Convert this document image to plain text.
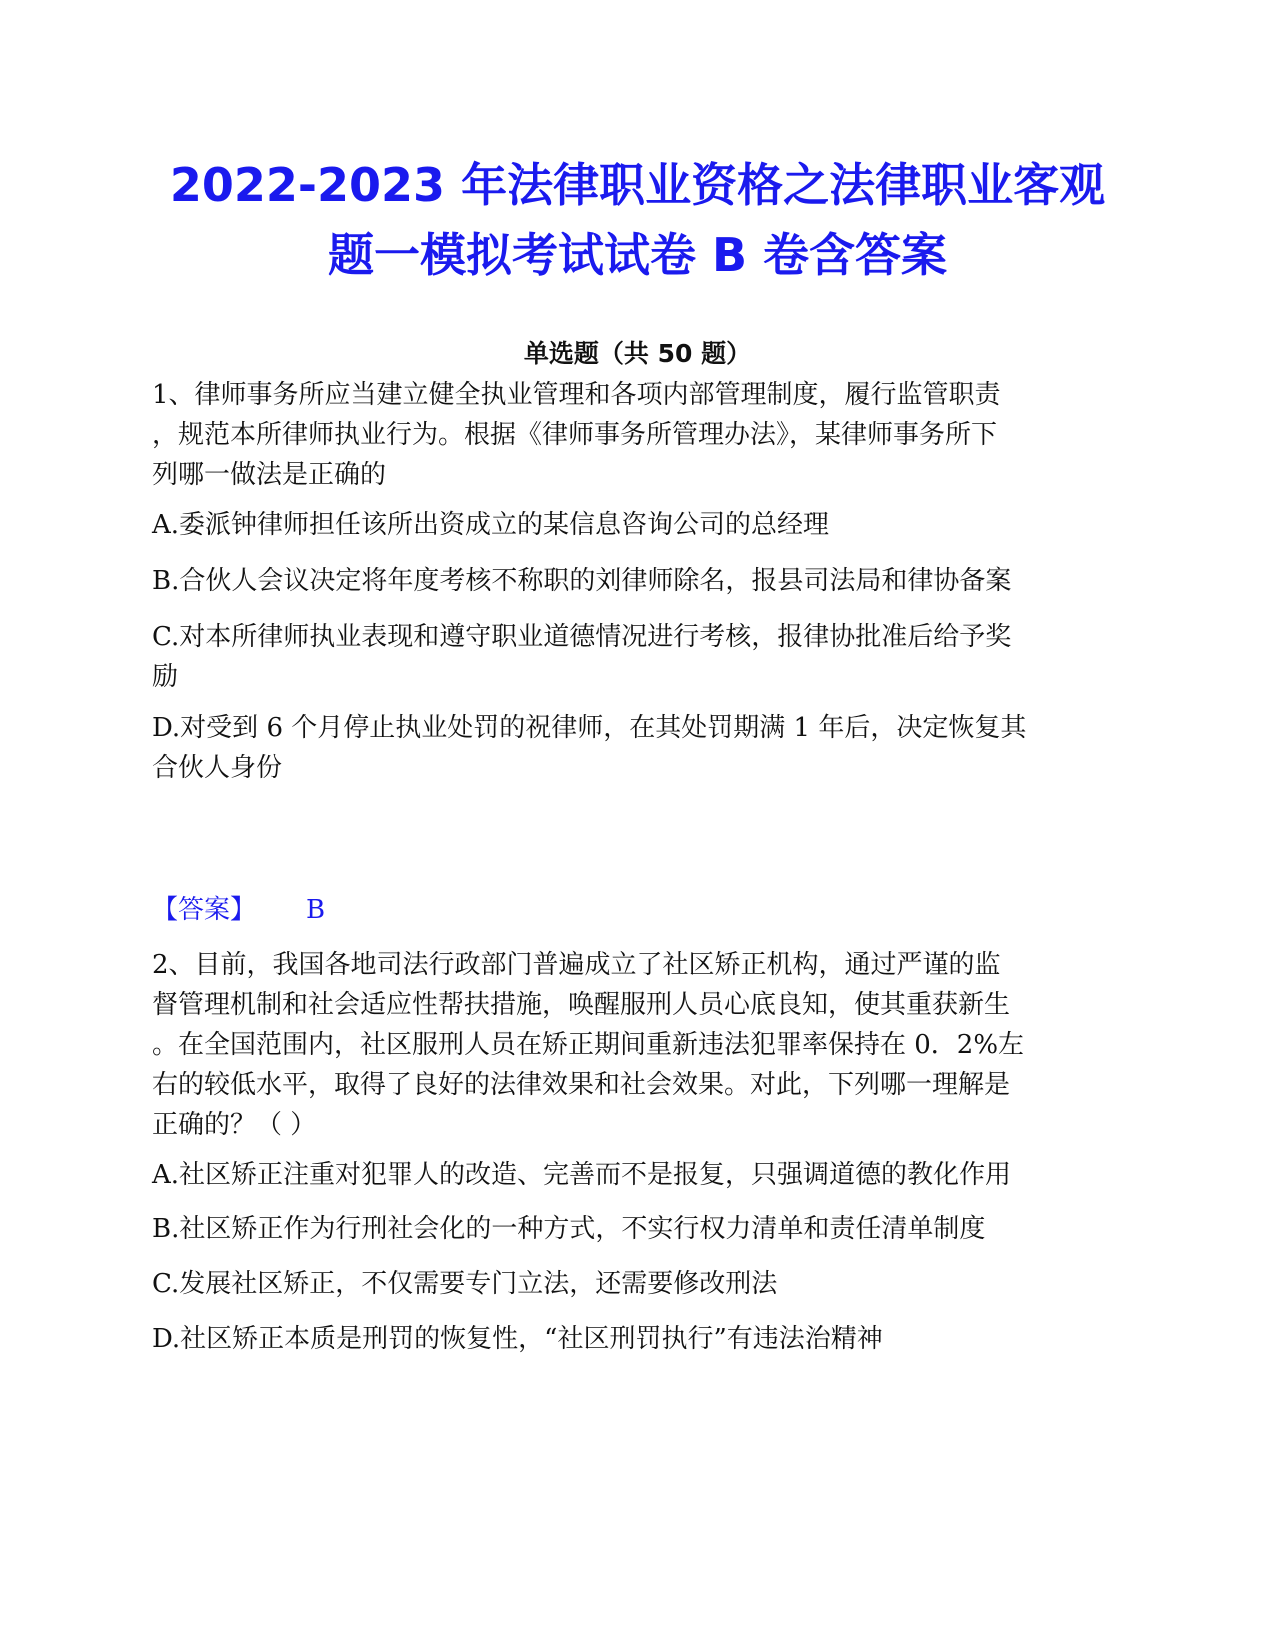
2022-2023 年法律职业资格之法律职业客观
题一模拟考试试卷 B 卷含答案
单选题（共 50 题）
1、律师事务所应当建立健全执业管理和各项内部管理制度，履行监管职责
，规范本所律师执业行为。根据《律师事务所管理办法》，某律师事务所下
列哪一做法是正确的
A.委派钟律师担任该所出资成立的某信息咨询公司的总经理
B.合伙人会议决定将年度考核不称职的刘律师除名，报县司法局和律协备案
C.对本所律师执业表现和遵守职业道德情况进行考核，报律协批准后给予奖
励
D.对受到 6 个月停止执业处罚的祝律师，在其处罚期满 1 年后，决定恢复其
合伙人身份
【答案】 B
2、目前，我国各地司法行政部门普遍成立了社区矫正机构，通过严谨的监
督管理机制和社会适应性帮扶措施，唤醒服刑人员心底良知，使其重获新生
。在全国范围内，社区服刑人员在矫正期间重新违法犯罪率保持在 0．2%左
右的较低水平，取得了良好的法律效果和社会效果。对此，下列哪一理解是
正确的？（ ）
A.社区矫正注重对犯罪人的改造、完善而不是报复，只强调道德的教化作用
B.社区矫正作为行刑社会化的一种方式，不实行权力清单和责任清单制度
C.发展社区矫正，不仅需要专门立法，还需要修改刑法
D.社区矫正本质是刑罚的恢复性，“社区刑罚执行”有违法治精神
